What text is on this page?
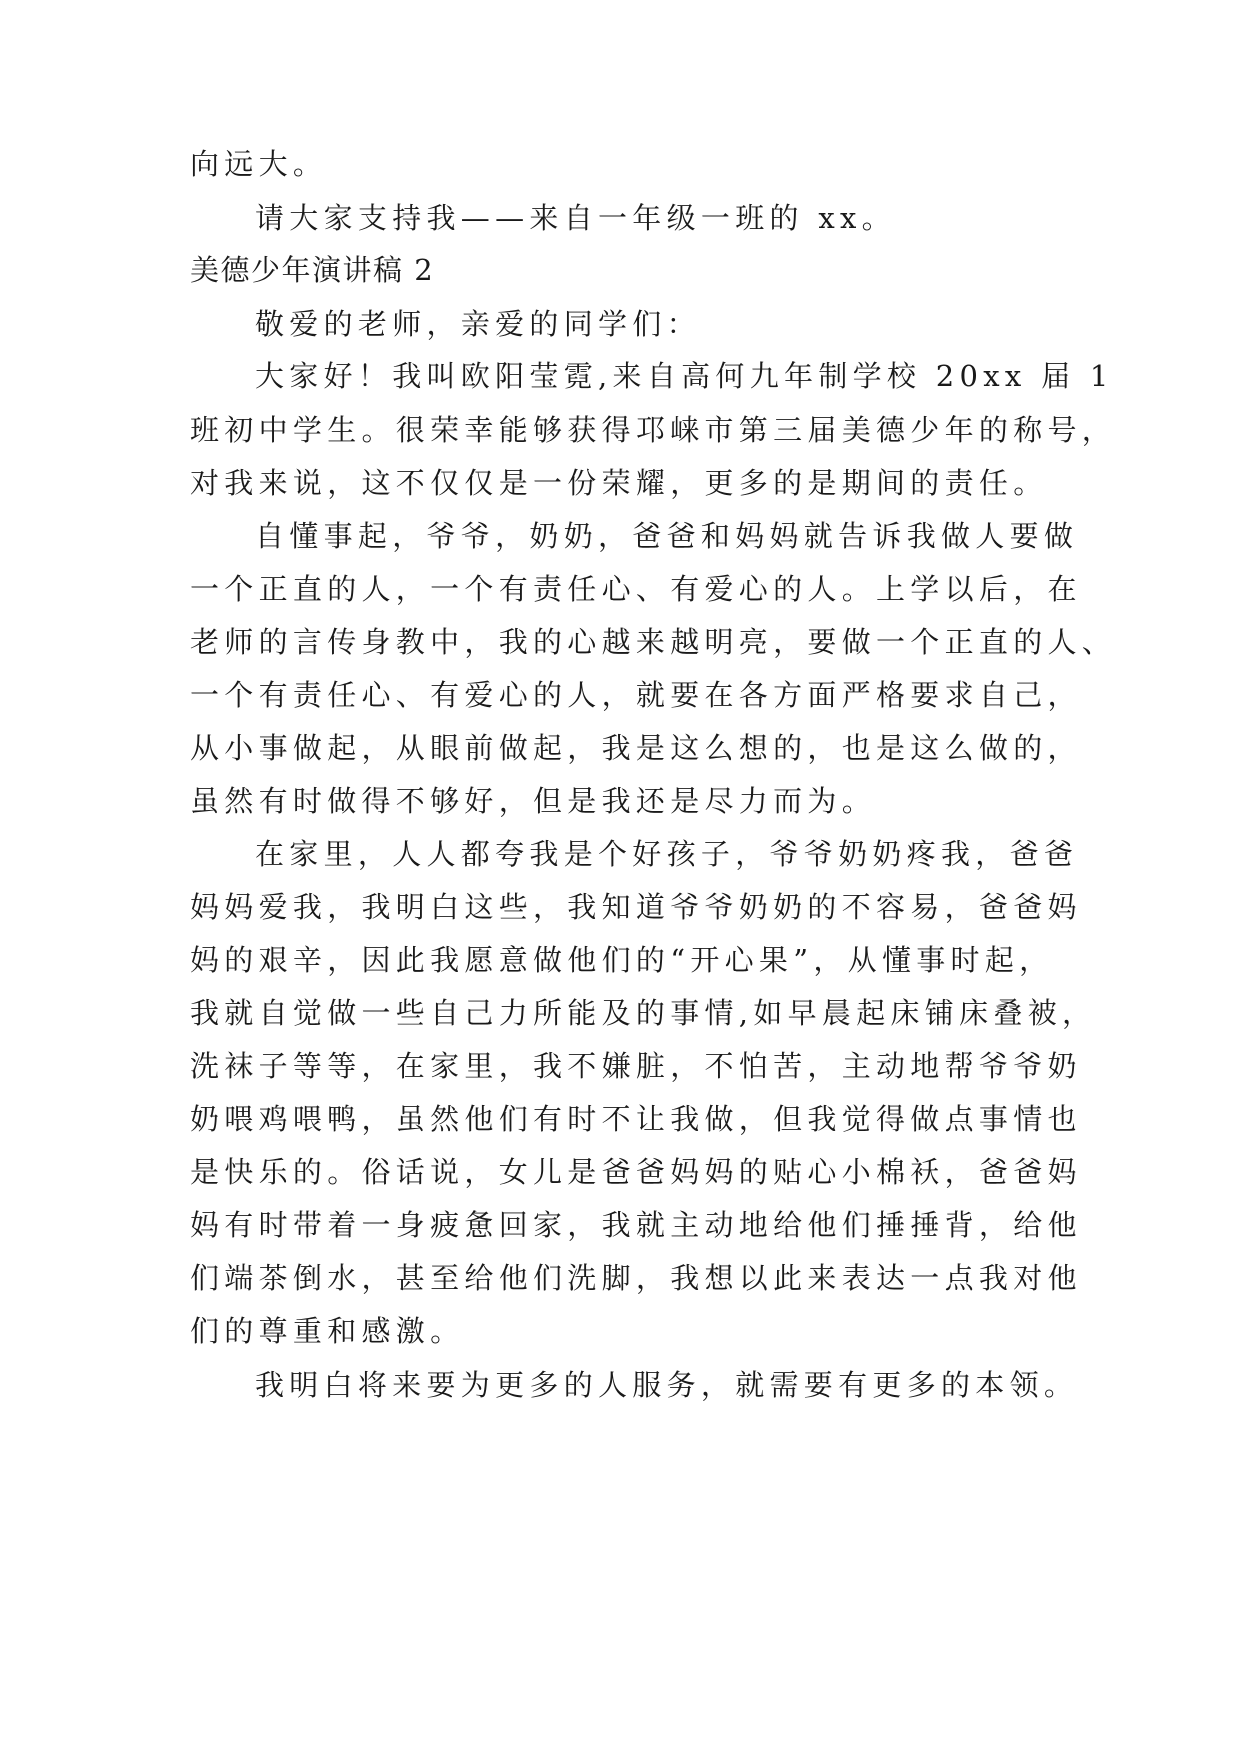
向远大。
请大家支持我——来自一年级一班的 xx。
美德少年演讲稿 2
敬爱的老师，亲爱的同学们：
大家好！我叫欧阳莹霓,来自高何九年制学校 20xx 届 1
班初中学生。很荣幸能够获得邛崃市第三届美德少年的称号，
对我来说，这不仅仅是一份荣耀，更多的是期间的责任。
自懂事起，爷爷，奶奶，爸爸和妈妈就告诉我做人要做
一个正直的人，一个有责任心、有爱心的人。上学以后，在
老师的言传身教中，我的心越来越明亮，要做一个正直的人、
一个有责任心、有爱心的人，就要在各方面严格要求自己，
从小事做起，从眼前做起，我是这么想的，也是这么做的，
虽然有时做得不够好，但是我还是尽力而为。
在家里，人人都夸我是个好孩子，爷爷奶奶疼我，爸爸
妈妈爱我，我明白这些，我知道爷爷奶奶的不容易，爸爸妈
妈的艰辛，因此我愿意做他们的“开心果”，从懂事时起，
我就自觉做一些自己力所能及的事情,如早晨起床铺床叠被，
洗袜子等等，在家里，我不嫌脏，不怕苦，主动地帮爷爷奶
奶喂鸡喂鸭，虽然他们有时不让我做，但我觉得做点事情也
是快乐的。俗话说，女儿是爸爸妈妈的贴心小棉袄，爸爸妈
妈有时带着一身疲惫回家，我就主动地给他们捶捶背，给他
们端茶倒水，甚至给他们洗脚，我想以此来表达一点我对他
们的尊重和感激。
我明白将来要为更多的人服务，就需要有更多的本领。
